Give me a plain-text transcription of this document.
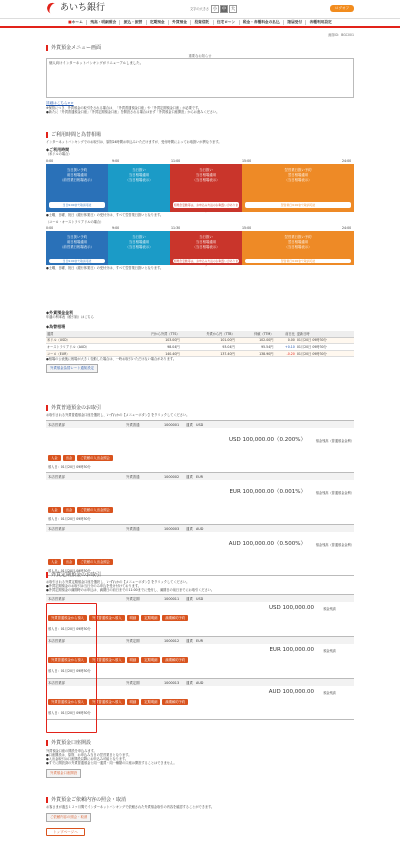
あいち銀行	文字の大きさ 小	中	大	ログオフ
■ホーム	残高・明細照会	振込・振替	定期預金	外貨預金	投資信託	住宅ローン	税金・各種料金の払込	諸届受付	各種利用設定
画面ID：BGC001
外貨預金メニュー画面
重要なお知らせ
個人向けインターネットバンキングがリニューアルしました。
詳細はこちら>>
※保管につき、外貨預金の取引をされる場合は、「外貨普通預金口座」や「外貨定期預金口座」が必要です。
●新たに「外貨普通預金口座」「外貨定期預金口座」を開設される場合はまず「外貨預金口座開設」からお進みください。
ご利用時間と為替相場
インターネットバンキングでのお取引は、原則24時間お申込みいただけますが、受付時間によってお取扱いが異なります。
◆ご利用時間
（米ドルの場合）
0:00	9:00	11:00	15:00	24:00
当日扱い予約
前日相場適用
（前営業日相場表示）
当日9:00まで取消可能
当日扱い
当日相場適用
（当日相場表示）
当日扱い
当日相場適用
（当日相場表示）
相場急変動等は、お申込み方法のお取扱いがあります
翌営業日扱い予約
翌日相場適用
（当日相場表示）
翌営業日9:00まで取消可能
●土曜、日曜、祝日（銀行休業日）の受付分は、すべて翌営業日扱いとなります。
（ユーロ・オーストラリアドルの場合）
0:00	9:00	11:30	15:00	24:00
当日扱い予約
前日相場適用
（前営業日相場表示）
当日9:00まで取消可能
当日扱い
当日相場適用
（当日相場表示）
当日扱い
当日相場適用
（当日相場表示）
相場急変動等は、お申込み方法のお取扱いがあります
翌営業日扱い予約
翌日相場適用
（当日相場表示）
翌営業日9:00まで取消可能
●土曜、日曜、祝日（銀行休業日）の受付分は、すべて翌営業日扱いとなります。
◆外貨預金金利
年適の利率表（税引前）はこちら
◆為替相場
通貨	円から外貨（TTS）	外貨から円（TTB）	仲値（TTM）	前日比	更新日時
米ドル（USD）	103.00円	101.00円	102.00円	0.00	01月20日 09時30分
オーストラリアドル（AUD）	98.04円	93.04円	95.54円	+0.10	01月20日 09時30分
ユーロ（EUR）	140.40円	137.40円	138.90円	-0.20	01月20日 09時30分
●相場の公表後に相場が大きく変動した場合は、一時お取引いただけない場合があります。
外貨預金為替レート通知設定
外貨普通預金のお取引
お取引される外貨普通預金口座を選択し、いずれかの【メニューボタン】をクリックしてください。
本店営業部	外貨普通	1000001 通貨 USD
USD 100,000.00（0.200%）	預金残高（普通預金金利）
入金	出金	ご依頼の入出金照会
預入日：01月20日 09時30分
本店営業部	外貨普通	1000002 通貨 EUR
EUR 100,000.00（0.001%）	預金残高（普通預金金利）
入金	出金	ご依頼の入出金照会
預入日：01月20日 09時30分
本店営業部	外貨普通	1000003 通貨 AUD
AUD 100,000.00（0.500%）	預金残高（普通預金金利）
入金	出金	ご依頼の入出金照会
預入日：01月20日 09時30分
外貨定期預金のお取引
お取引される外貨定期預金口座を選択し、いずれかの【メニューボタン】をクリックしてください。
●外貨定期預金のお取引は当日分のみ申込を受け付けております。
●外貨定期預金の満期時のお申込は、満期日の前日までの11:00までに受付し、満期日の前日までにお取引ください。
本店営業部	外貨定期	1000011 通貨 USD
USD 100,000.00	預金残高
外貨普通預金から預入	外貨普通預金へ預入	明細	定期明細	満期解約予約
預入日：01月20日 09時30分
本店営業部	外貨定期	1000012 通貨 EUR
EUR 100,000.00	預金残高
外貨普通預金から預入	外貨普通預金へ預入	明細	定期明細	満期解約予約
預入日：01月20日 09時30分
本店営業部	外貨定期	1000013 通貨 AUD
AUD 100,000.00	預金残高
外貨普通預金から預入	外貨普通預金へ預入	明細	定期明細	満期解約予約
預入日：01月20日 09時30分
外貨預金口座開設
外貨預金口座の開設を申込みます。
●口座開設は、原則、お申込み当日の翌営業日となります。
●入出金取引は口座開設以降にお申込み可能となります。
●すでに開設済の外貨普通預金と同一通貨・同一種類の口座は開設することはできません。
外貨預金口座開設
外貨預金ご依頼内容の照会・取消
お客さまが過去１２ヶ月間でインターネットバンキングで依頼された外貨預金取引の内容を確認することができます。
ご依頼内容の照会・取消
トップページへ
